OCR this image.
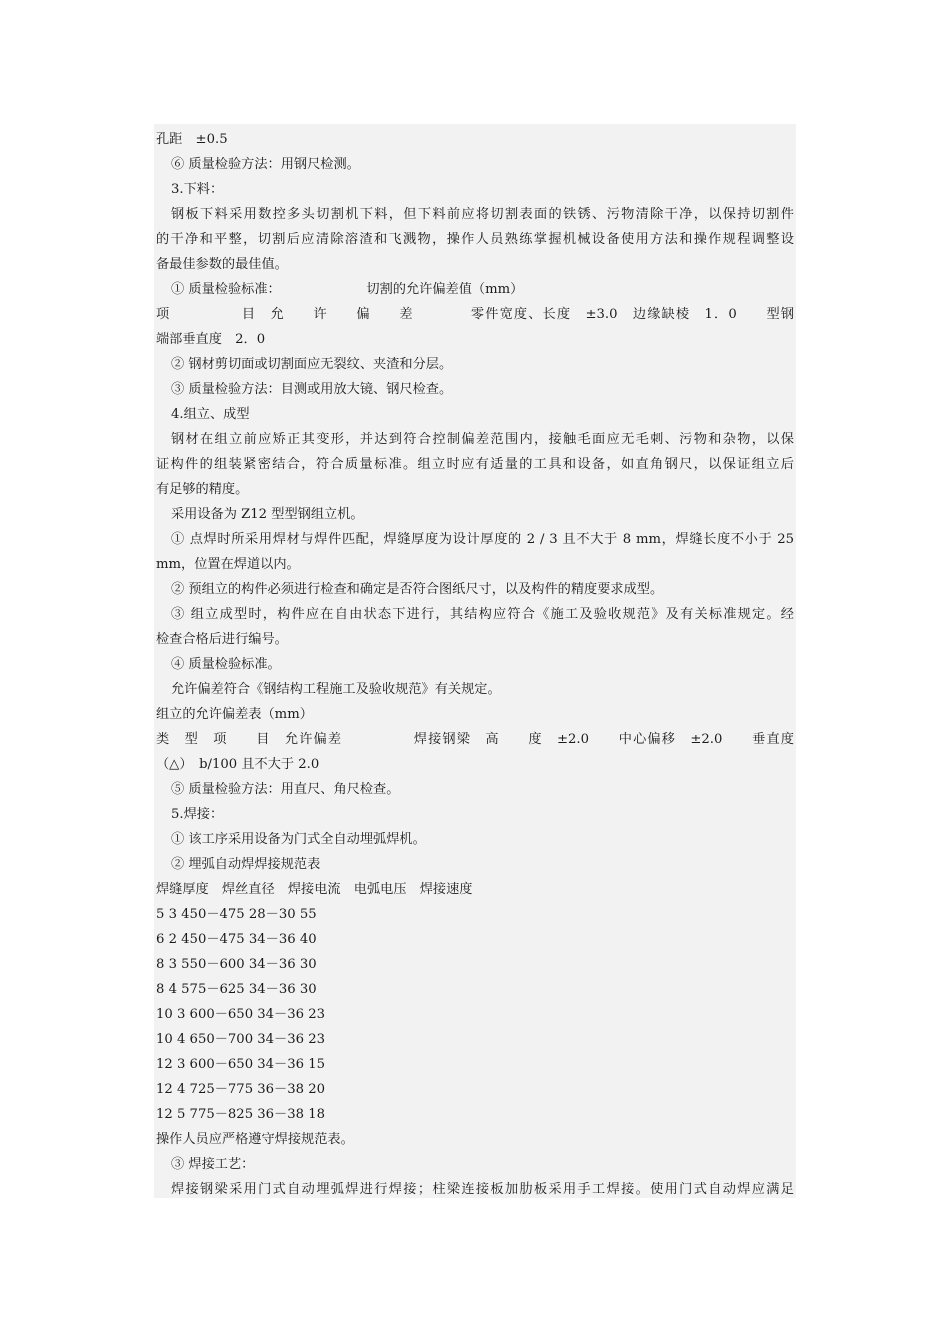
孔距　±0.5
⑥ 质量检验方法：用钢尺检测。
3.下料：
钢板下料采用数控多头切割机下料，但下料前应将切割表面的铁锈、污物清除干净，以保持切割件
的干净和平整，切割后应清除溶渣和飞溅物，操作人员熟练掌握机械设备使用方法和操作规程调整设
备最佳参数的最佳值。
① 质量检验标准：　　　　　　　切割的允许偏差值（mm）
项　　　　　目　允　　许　　偏　　差　　　　零件宽度、长度　±3.0　边缘缺棱　1．0　　型钢
端部垂直度　2．0
② 钢材剪切面或切割面应无裂纹、夹渣和分层。
③ 质量检验方法：目测或用放大镜、钢尺检查。
4.组立、成型
钢材在组立前应矫正其变形，并达到符合控制偏差范围内，接触毛面应无毛刺、污物和杂物，以保
证构件的组装紧密结合，符合质量标准。组立时应有适量的工具和设备，如直角钢尺，以保证组立后
有足够的精度。
采用设备为 Z12 型型钢组立机。
① 点焊时所采用焊材与焊件匹配，焊缝厚度为设计厚度的 2 / 3 且不大于 8 mm，焊缝长度不小于 25
mm，位置在焊道以内。
② 预组立的构件必须进行检查和确定是否符合图纸尺寸，以及构件的精度要求成型。
③ 组立成型时，构件应在自由状态下进行，其结构应符合《施工及验收规范》及有关标准规定。经
检查合格后进行编号。
④ 质量检验标准。
允许偏差符合《钢结构工程施工及验收规范》有关规定。
组立的允许偏差表（mm）
类　型　项　　目　允许偏差　　　　　焊接钢梁　高　　度　±2.0　　中心偏移　±2.0　　垂直度
（△）　b/100 且不大于 2.0
⑤ 质量检验方法：用直尺、角尺检查。
5.焊接：
① 该工序采用设备为门式全自动埋弧焊机。
② 埋弧自动焊焊接规范表
焊缝厚度　焊丝直径　焊接电流　电弧电压　焊接速度
5 3 450－475 28－30 55
6 2 450－475 34－36 40
8 3 550－600 34－36 30
8 4 575－625 34－36 30
10 3 600－650 34－36 23
10 4 650－700 34－36 23
12 3 600－650 34－36 15
12 4 725－775 36－38 20
12 5 775－825 36－38 18
操作人员应严格遵守焊接规范表。
③ 焊接工艺：
焊接钢梁采用门式自动埋弧焊进行焊接；柱梁连接板加肋板采用手工焊接。使用门式自动焊应满足
